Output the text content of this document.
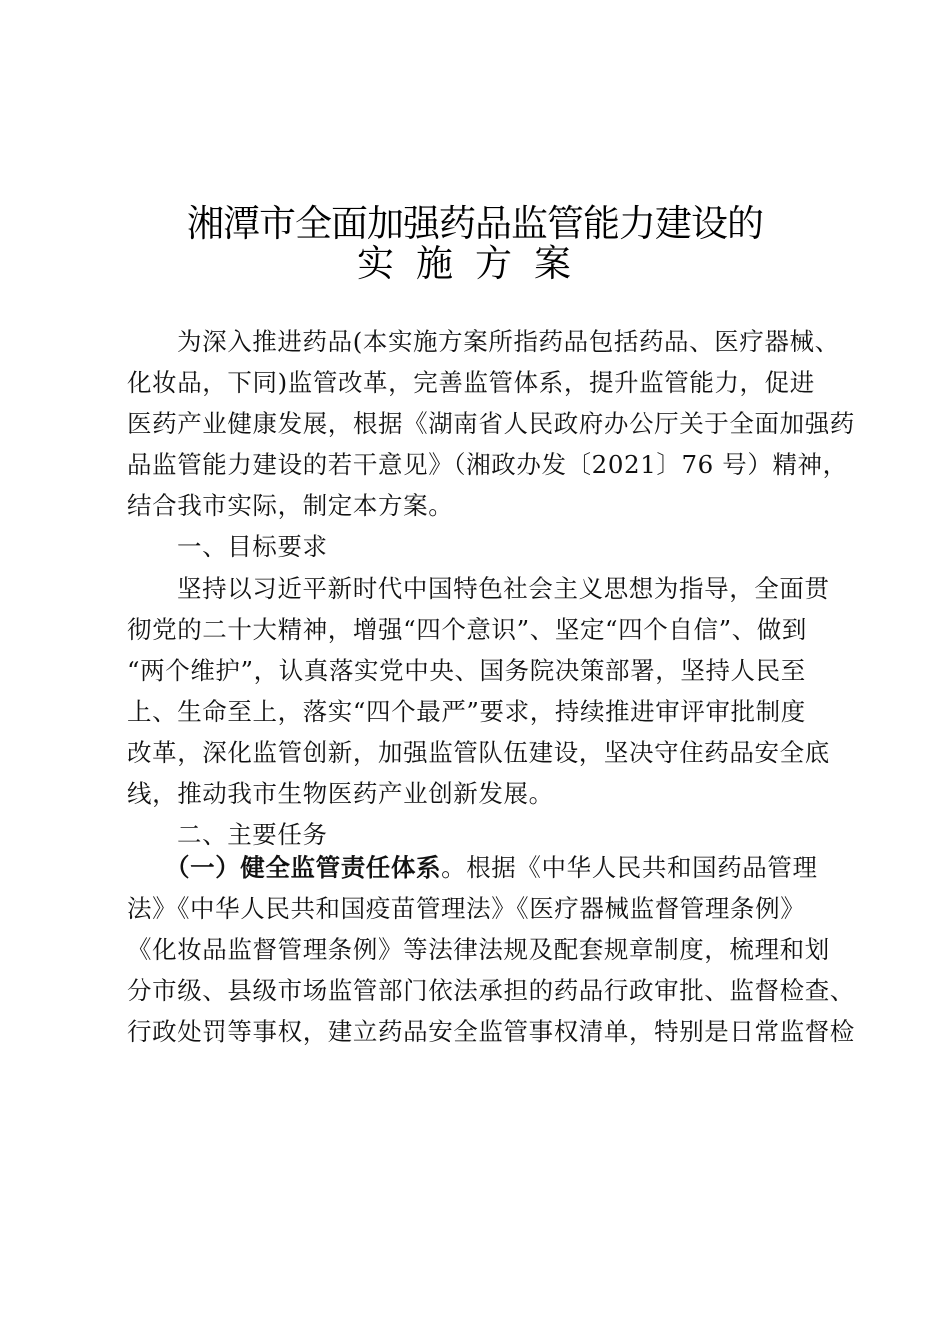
湘潭市全面加强药品监管能力建设的
实施方案
为深入推进药品(本实施方案所指药品包括药品、医疗器械、
化妆品，下同)监管改革，完善监管体系，提升监管能力，促进
医药产业健康发展，根据《湖南省人民政府办公厅关于全面加强药
品监管能力建设的若干意见》（湘政办发〔2021〕76 号）精神，
结合我市实际，制定本方案。
一、目标要求
坚持以习近平新时代中国特色社会主义思想为指导，全面贯
彻党的二十大精神，增强“四个意识”、坚定“四个自信”、做到
“两个维护”，认真落实党中央、国务院决策部署，坚持人民至
上、生命至上，落实“四个最严”要求，持续推进审评审批制度
改革，深化监管创新，加强监管队伍建设，坚决守住药品安全底
线，推动我市生物医药产业创新发展。
二、主要任务
（一）健全监管责任体系。根据《中华人民共和国药品管理
法》《中华人民共和国疫苗管理法》《医疗器械监督管理条例》
《化妆品监督管理条例》等法律法规及配套规章制度，梳理和划
分市级、县级市场监管部门依法承担的药品行政审批、监督检查、
行政处罚等事权，建立药品安全监管事权清单，特别是日常监督检
